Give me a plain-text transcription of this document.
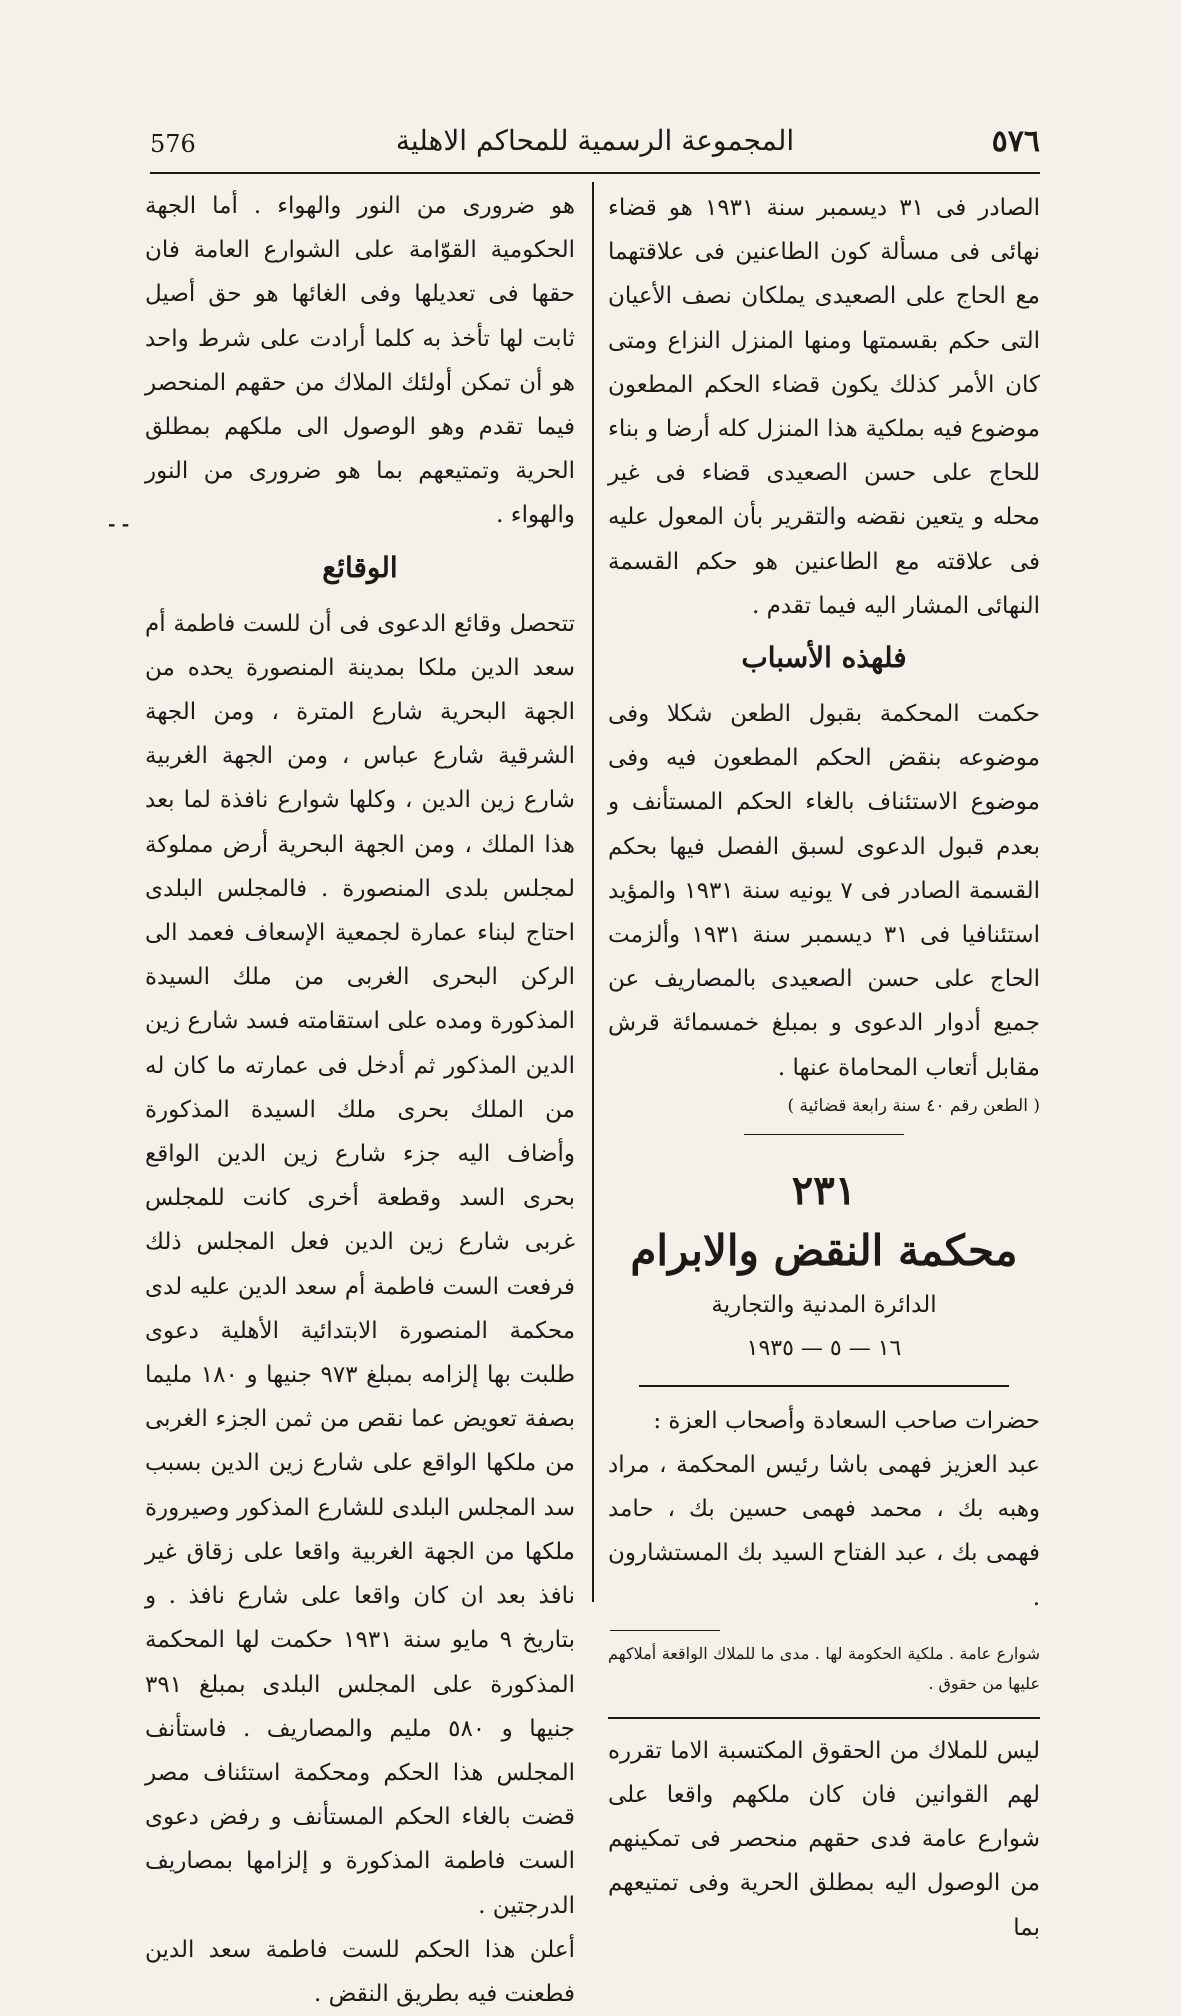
576	المجموعة الرسمية للمحاكم الاهلية	٥٧٦
- -

الصادر فى ٣١ ديسمبر سنة ١٩٣١ هو قضاء نهائى فى مسألة كون الطاعنين فى علاقتهما مع الحاج على الصعيدى يملكان نصف الأعيان التى حكم بقسمتها ومنها المنزل النزاع ومتى كان الأمر كذلك يكون قضاء الحكم المطعون موضوع فيه بملكية هذا المنزل كله أرضا و بناء للحاج على حسن الصعيدى قضاء فى غير محله و يتعين نقضه والتقرير بأن المعول عليه فى علاقته مع الطاعنين هو حكم القسمة النهائى المشار اليه فيما تقدم .

فلهذه الأسباب

حكمت المحكمة بقبول الطعن شكلا وفى موضوعه بنقض الحكم المطعون فيه وفى موضوع الاستئناف بالغاء الحكم المستأنف و بعدم قبول الدعوى لسبق الفصل فيها بحكم القسمة الصادر فى ٧ يونيه سنة ١٩٣١ والمؤيد استئنافيا فى ٣١ ديسمبر سنة ١٩٣١ وألزمت الحاج على حسن الصعيدى بالمصاريف عن جميع أدوار الدعوى و بمبلغ خمسمائة قرش مقابل أتعاب المحاماة عنها .

( الطعن رقم ٤٠ سنة رابعة قضائية )
٢٣١
محكمة النقض والابرام
الدائرة المدنية والتجارية
١٦ — ٥ — ١٩٣٥

حضرات صاحب السعادة وأصحاب العزة :
عبد العزيز فهمى باشا رئيس المحكمة ، مراد وهبه بك ، محمد فهمى حسين بك ، حامد فهمى بك ، عبد الفتاح السيد بك المستشارون .

شوارع عامة . ملكية الحكومة لها . مدى ما للملاك الواقعة أملاكهم عليها من حقوق .

ليس للملاك من الحقوق المكتسبة الاما تقرره لهم القوانين فان كان ملكهم واقعا على شوارع عامة فدى حقهم منحصر فى تمكينهم من الوصول اليه بمطلق الحرية وفى تمتيعهم بما

هو ضرورى من النور والهواء . أما الجهة الحكومية القوّامة على الشوارع العامة فان حقها فى تعديلها وفى الغائها هو حق أصيل ثابت لها تأخذ به كلما أرادت على شرط واحد هو أن تمكن أولئك الملاك من حقهم المنحصر فيما تقدم وهو الوصول الى ملكهم بمطلق الحرية وتمتيعهم بما هو ضرورى من النور والهواء .

الوقائع

تتحصل وقائع الدعوى فى أن للست فاطمة أم سعد الدين ملكا بمدينة المنصورة يحده من الجهة البحرية شارع المترة ، ومن الجهة الشرقية شارع عباس ، ومن الجهة الغربية شارع زين الدين ، وكلها شوارع نافذة لما بعد هذا الملك ، ومن الجهة البحرية أرض مملوكة لمجلس بلدى المنصورة . فالمجلس البلدى احتاج لبناء عمارة لجمعية الإسعاف فعمد الى الركن البحرى الغربى من ملك السيدة المذكورة ومده على استقامته فسد شارع زين الدين المذكور ثم أدخل فى عمارته ما كان له من الملك بحرى ملك السيدة المذكورة وأضاف اليه جزء شارع زين الدين الواقع بحرى السد وقطعة أخرى كانت للمجلس غربى شارع زين الدين فعل المجلس ذلك فرفعت الست فاطمة أم سعد الدين عليه لدى محكمة المنصورة الابتدائية الأهلية دعوى طلبت بها إلزامه بمبلغ ٩٧٣ جنيها و ١٨٠ مليما بصفة تعويض عما نقص من ثمن الجزء الغربى من ملكها الواقع على شارع زين الدين بسبب سد المجلس البلدى للشارع المذكور وصيرورة ملكها من الجهة الغربية واقعا على زقاق غير نافذ بعد ان كان واقعا على شارع نافذ . و بتاريخ ٩ مايو سنة ١٩٣١ حكمت لها المحكمة المذكورة على المجلس البلدى بمبلغ ٣٩١ جنيها و ٥٨٠ مليم والمصاريف . فاستأنف المجلس هذا الحكم ومحكمة استئناف مصر قضت بالغاء الحكم المستأنف و رفض دعوى الست فاطمة المذكورة و إلزامها بمصاريف الدرجتين .

أعلن هذا الحكم للست فاطمة سعد الدين فطعنت فيه بطريق النقض .
